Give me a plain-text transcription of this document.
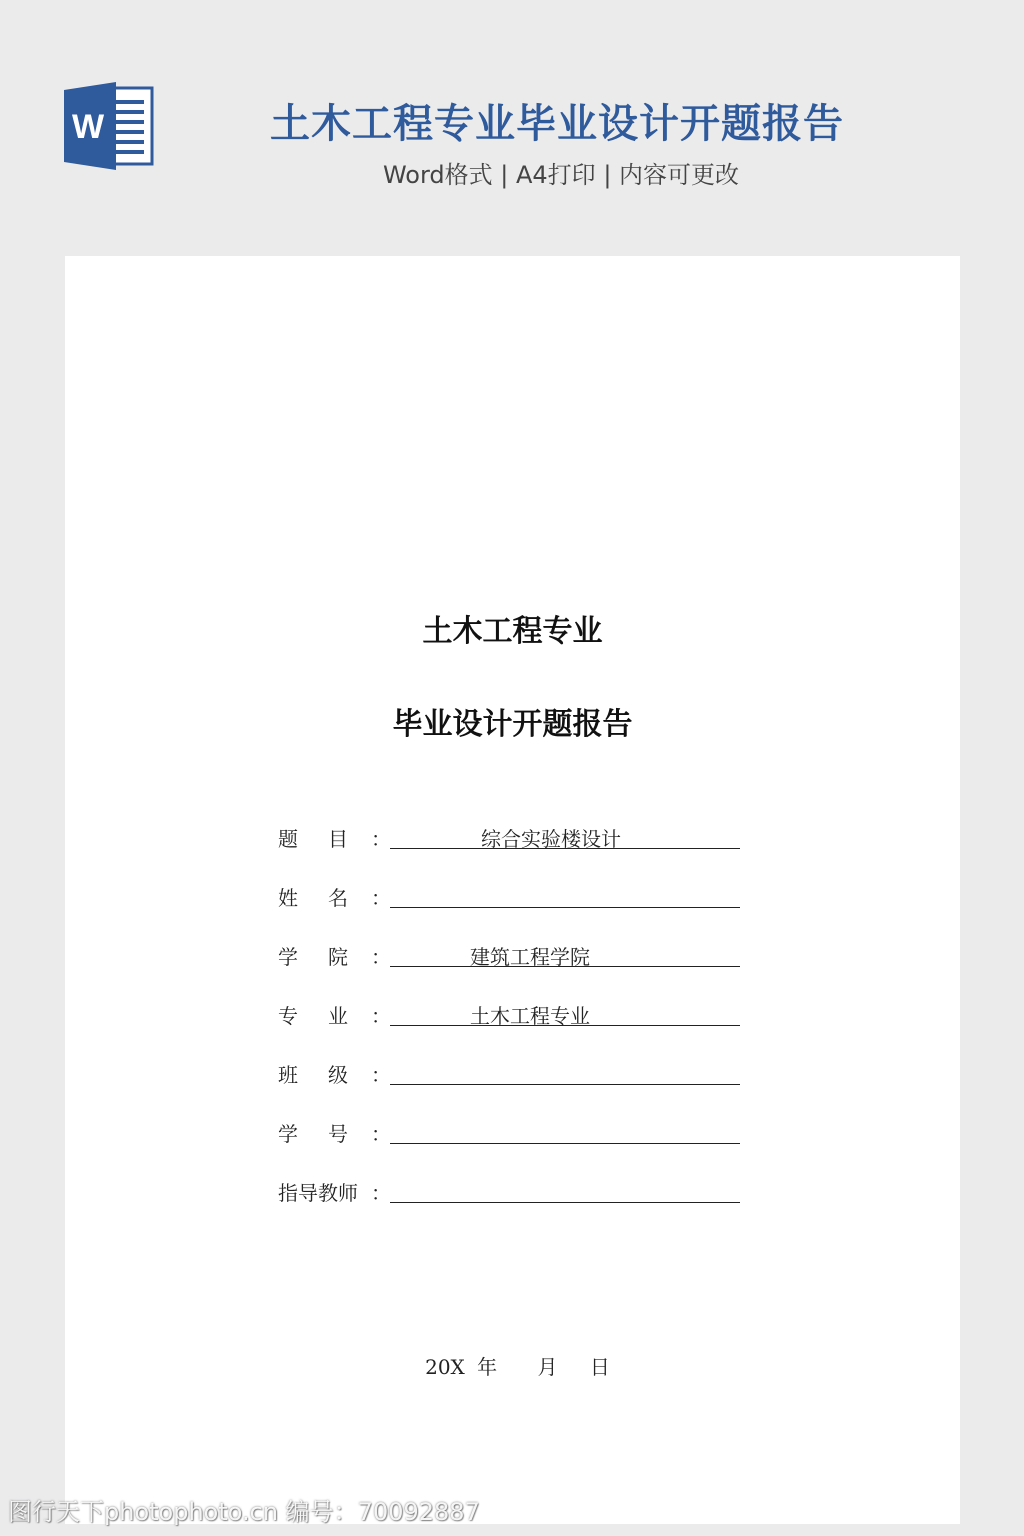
W	土木工程专业毕业设计开题报告
Word格式 | A4打印 | 内容可更改
土木工程专业
毕业设计开题报告
题 目 ：	综合实验楼设计
姓 名 ：
学 院 ：	建筑工程学院
专 业 ：	土木工程专业
班 级 ：
学 号 ：
指导教师 ：
20X 年 月 日
图行天下photophoto.cn 编号：70092887
